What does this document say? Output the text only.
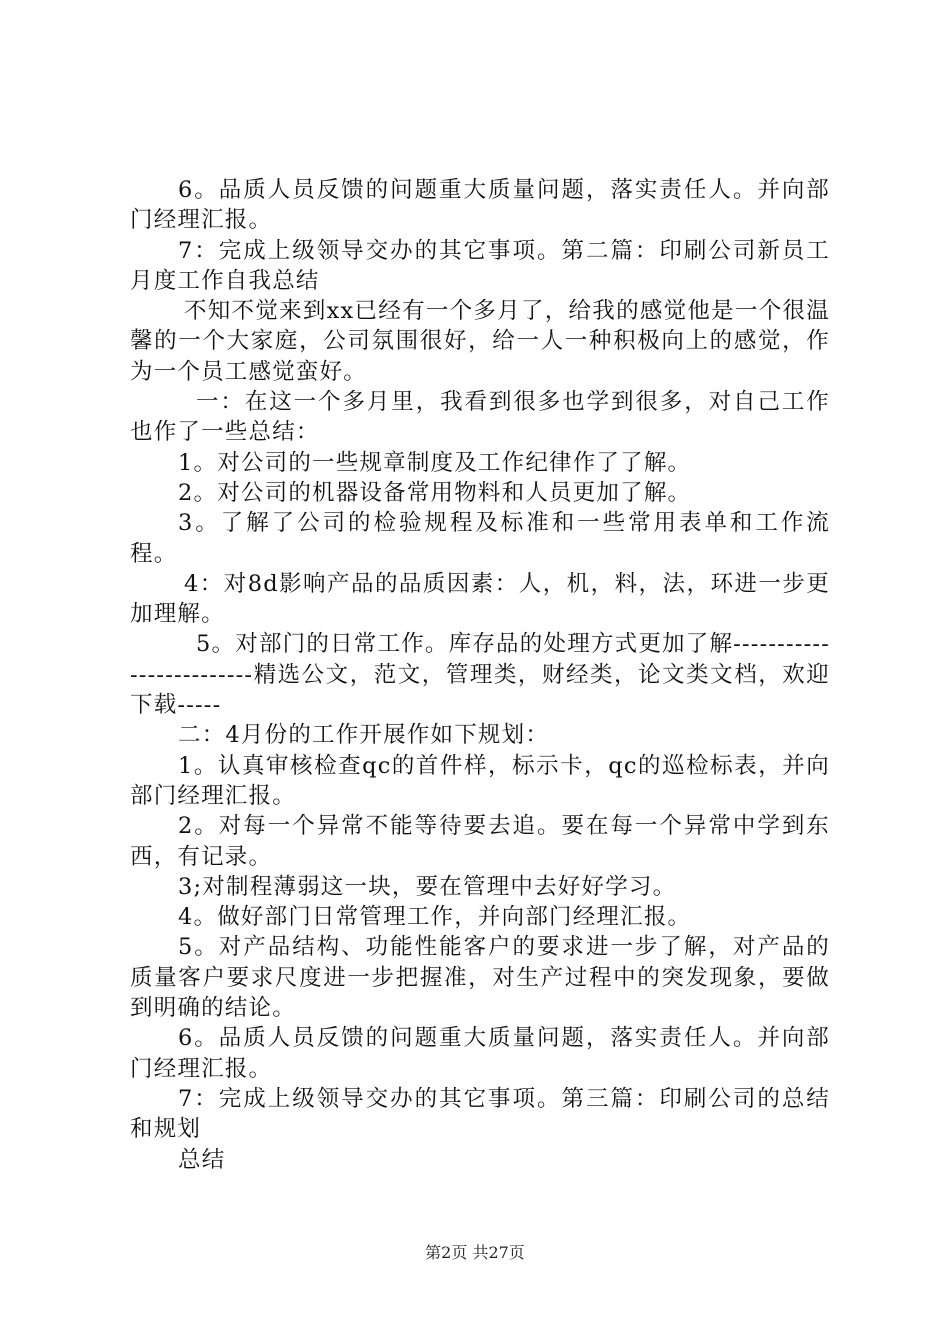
6。品质人员反馈的问题重大质量问题，落实责任人。并向部门经理汇报。

7：完成上级领导交办的其它事项。第二篇：印刷公司新员工月度工作自我总结

不知不觉来到xx已经有一个多月了，给我的感觉他是一个很温馨的一个大家庭，公司氛围很好，给一人一种积极向上的感觉，作为一个员工感觉蛮好。

一：在这一个多月里，我看到很多也学到很多，对自己工作也作了一些总结：

1。对公司的一些规章制度及工作纪律作了了解。

2。对公司的机器设备常用物料和人员更加了解。

3。了解了公司的检验规程及标准和一些常用表单和工作流程。

4：对8d影响产品的品质因素：人，机，料，法，环进一步更加理解。

5。对部门的日常工作。库存品的处理方式更加了解-------------------------精选公文，范文，管理类，财经类，论文类文档，欢迎下载-----

二：4月份的工作开展作如下规划：

1。认真审核检查qc的首件样，标示卡，qc的巡检标表，并向部门经理汇报。

2。对每一个异常不能等待要去追。要在每一个异常中学到东西，有记录。

3;对制程薄弱这一块，要在管理中去好好学习。

4。做好部门日常管理工作，并向部门经理汇报。

5。对产品结构、功能性能客户的要求进一步了解，对产品的质量客户要求尺度进一步把握准，对生产过程中的突发现象，要做到明确的结论。

6。品质人员反馈的问题重大质量问题，落实责任人。并向部门经理汇报。

7：完成上级领导交办的其它事项。第三篇：印刷公司的总结和规划

总结

第2页 共27页
